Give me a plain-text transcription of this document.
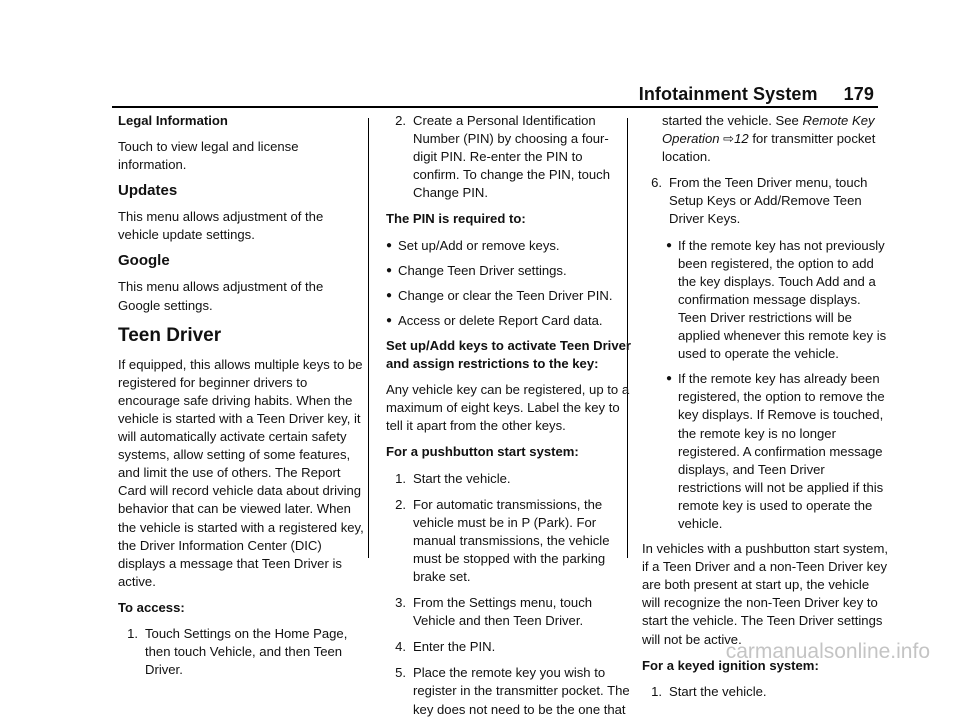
Infotainment System 179

Legal Information

Touch to view legal and license information.

Updates

This menu allows adjustment of the vehicle update settings.

Google

This menu allows adjustment of the Google settings.

Teen Driver

If equipped, this allows multiple keys to be registered for beginner drivers to encourage safe driving habits. When the vehicle is started with a Teen Driver key, it will automatically activate certain safety systems, allow setting of some features, and limit the use of others. The Report Card will record vehicle data about driving behavior that can be viewed later. When the vehicle is started with a registered key, the Driver Information Center (DIC) displays a message that Teen Driver is active.

To access:

1. Touch Settings on the Home Page, then touch Vehicle, and then Teen Driver.
2. Create a Personal Identification Number (PIN) by choosing a four-digit PIN. Re-enter the PIN to confirm. To change the PIN, touch Change PIN.

The PIN is required to:

● Set up/Add or remove keys.
● Change Teen Driver settings.
● Change or clear the Teen Driver PIN.
● Access or delete Report Card data.

Set up/Add keys to activate Teen Driver and assign restrictions to the key:

Any vehicle key can be registered, up to a maximum of eight keys. Label the key to tell it apart from the other keys.

For a pushbutton start system:

1. Start the vehicle.
2. For automatic transmissions, the vehicle must be in P (Park). For manual transmissions, the vehicle must be stopped with the parking brake set.
3. From the Settings menu, touch Vehicle and then Teen Driver.
4. Enter the PIN.
5. Place the remote key you wish to register in the transmitter pocket. The key does not need to be the one that

started the vehicle. See Remote Key Operation ⇨12 for transmitter pocket location.

6. From the Teen Driver menu, touch Setup Keys or Add/Remove Teen Driver Keys.
● If the remote key has not previously been registered, the option to add the key displays. Touch Add and a confirmation message displays. Teen Driver restrictions will be applied whenever this remote key is used to operate the vehicle.
● If the remote key has already been registered, the option to remove the key displays. If Remove is touched, the remote key is no longer registered. A confirmation message displays, and Teen Driver restrictions will not be applied if this remote key is used to operate the vehicle.

In vehicles with a pushbutton start system, if a Teen Driver and a non-Teen Driver key are both present at start up, the vehicle will recognize the non-Teen Driver key to start the vehicle. The Teen Driver settings will not be active.

For a keyed ignition system:

1. Start the vehicle.
carmanualsonline.info
